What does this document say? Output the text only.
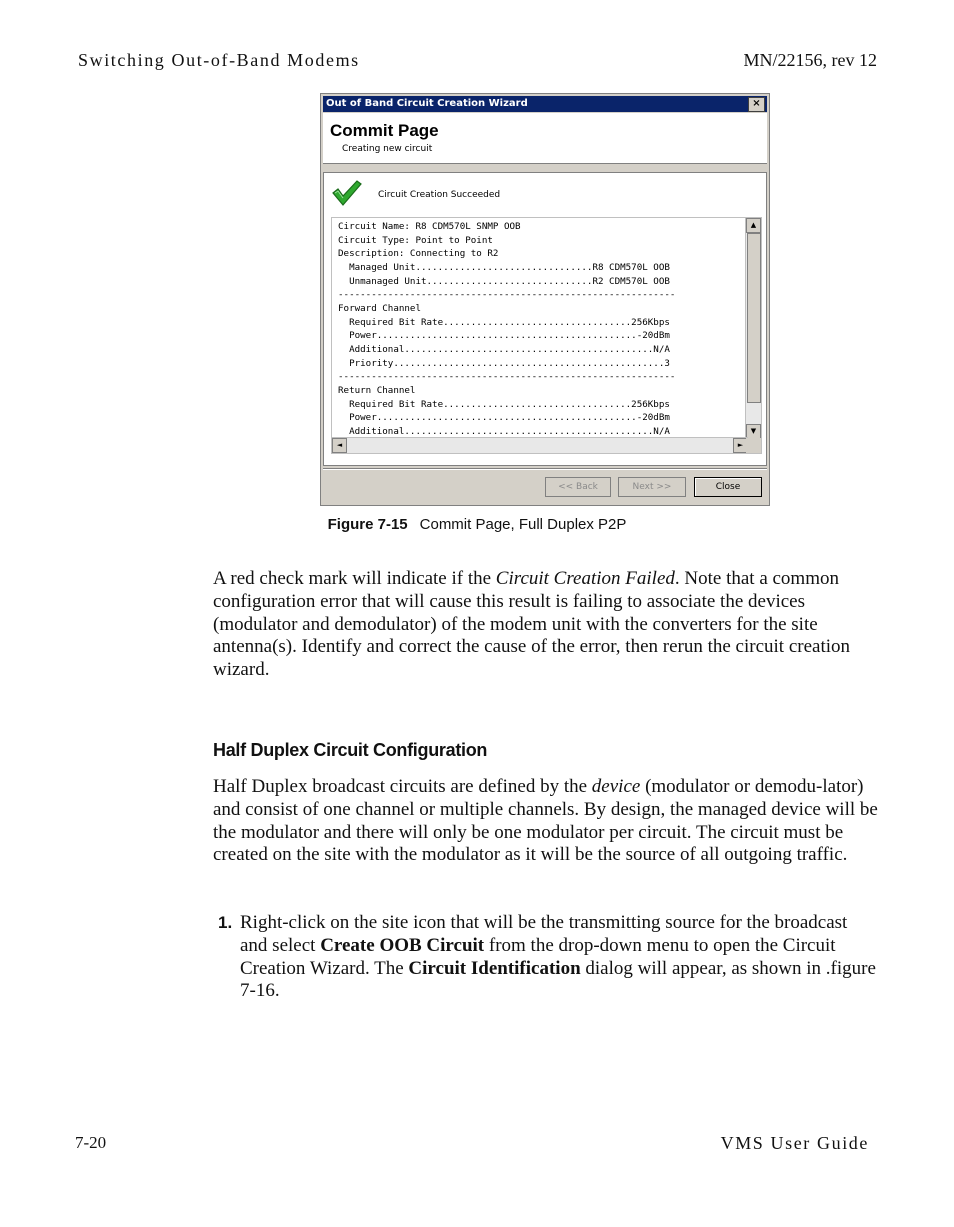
Switching Out-of-Band Modems	MN/22156, rev 12
Out of Band Circuit Creation Wizard	×
Commit Page
Creating new circuit
Circuit Creation Succeeded
Circuit Name: R8 CDM570L SNMP OOB
Circuit Type: Point to Point
Description: Connecting to R2
Managed Unit................................R8 CDM570L OOB
Unmanaged Unit..............................R2 CDM570L OOB
-------------------------------------------------------------
Forward Channel
Required Bit Rate..................................256Kbps
Power...............................................-20dBm
Additional.............................................N/A
Priority.................................................3
-------------------------------------------------------------
Return Channel
Required Bit Rate..................................256Kbps
Power...............................................-20dBm
Additional.............................................N/A
▲
▼
◄	►
<< Back	Next >>	Close
Figure 7-15 Commit Page, Full Duplex P2P

A red check mark will indicate if the Circuit Creation Failed. Note that a common configuration error that will cause this result is failing to associate the devices (modulator and demodulator) of the modem unit with the converters for the site antenna(s). Identify and correct the cause of the error, then rerun the circuit creation wizard.

Half Duplex Circuit Configuration

Half Duplex broadcast circuits are defined by the device (modulator or demodu-lator) and consist of one channel or multiple channels. By design, the managed device will be the modulator and there will only be one modulator per circuit. The circuit must be created on the site with the modulator as it will be the source of all outgoing traffic.

1. Right-click on the site icon that will be the transmitting source for the broadcast and select Create OOB Circuit from the drop-down menu to open the Circuit Creation Wizard. The Circuit Identification dialog will appear, as shown in .figure 7-16.
7-20	VMS User Guide
